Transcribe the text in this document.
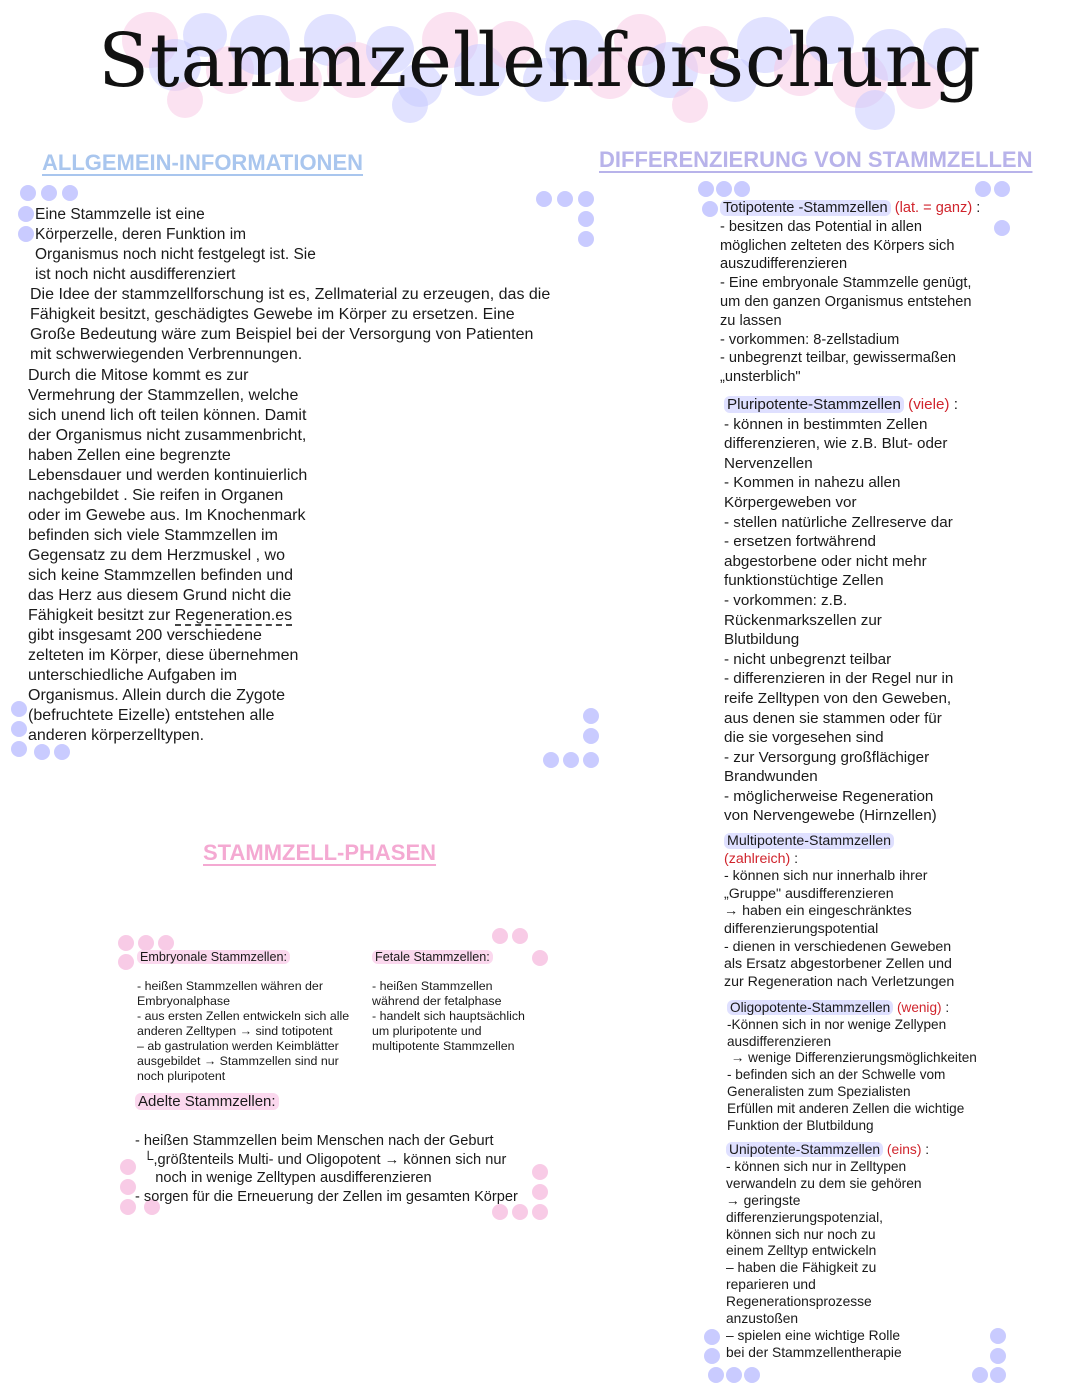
Stammzellenforschung
ALLGEMEIN-INFORMATIONEN
Eine Stammzelle ist eine
Körperzelle, deren Funktion im
Organismus noch nicht festgelegt ist. Sie
ist noch nicht ausdifferenziert
Die Idee der stammzellforschung ist es, Zellmaterial zu erzeugen, das die
Fähigkeit besitzt, geschädigtes Gewebe im Körper zu ersetzen. Eine
Große Bedeutung wäre zum Beispiel bei der Versorgung von Patienten
mit schwerwiegenden Verbrennungen.
Durch die Mitose kommt es zur
Vermehrung der Stammzellen, welche
sich unend lich oft teilen können. Damit
der Organismus nicht zusammenbricht,
haben Zellen eine begrenzte
Lebensdauer und werden kontinuierlich
nachgebildet . Sie reifen in Organen
oder im Gewebe aus. Im Knochenmark
befinden sich viele Stammzellen im
Gegensatz zu dem Herzmuskel , wo
sich keine Stammzellen befinden und
das Herz aus diesem Grund nicht die
Fähigkeit besitzt zur Regeneration.es
gibt insgesamt 200 verschiedene
zelteten im Körper, diese übernehmen
unterschiedliche Aufgaben im
Organismus. Allein durch die Zygote
(befruchtete Eizelle) entstehen alle
anderen körperzelltypen.
STAMMZELL-PHASEN
Embryonale Stammzellen:
- heißen Stammzellen währen der
Embryonalphase
- aus ersten Zellen entwickeln sich alle
anderen Zelltypen → sind totipotent
– ab gastrulation werden Keimblätter
ausgebildet → Stammzellen sind nur
noch pluripotent
Fetale Stammzellen:
- heißen Stammzellen
während der fetalphase
- handelt sich hauptsächlich
um pluripotente und
multipotente Stammzellen
Adelte Stammzellen:
- heißen Stammzellen beim Menschen nach der Geburt
└,größtenteils Multi- und Oligopotent → können sich nur
noch in wenige Zelltypen ausdifferenzieren
- sorgen für die Erneuerung der Zellen im gesamten Körper
DIFFERENZIERUNG VON STAMMZELLEN
Totipotente -Stammzellen (lat. = ganz) :
- besitzen das Potential in allen
möglichen zelteten des Körpers sich
auszudifferenzieren
- Eine embryonale Stammzelle genügt,
um den ganzen Organismus entstehen
zu lassen
- vorkommen: 8-zellstadium
- unbegrenzt teilbar, gewissermaßen
„unsterblich"
Pluripotente-Stammzellen (viele) :
- können in bestimmten Zellen
differenzieren, wie z.B. Blut- oder
Nervenzellen
- Kommen in nahezu allen
Körpergeweben vor
- stellen natürliche Zellreserve dar
- ersetzen fortwährend
abgestorbene oder nicht mehr
funktionstüchtige Zellen
- vorkommen: z.B.
Rückenmarkszellen zur
Blutbildung
- nicht unbegrenzt teilbar
- differenzieren in der Regel nur in
reife Zelltypen von den Geweben,
aus denen sie stammen oder für
die sie vorgesehen sind
- zur Versorgung großflächiger
Brandwunden
- möglicherweise Regeneration
von Nervengewebe (Hirnzellen)
Multipotente-Stammzellen
(zahlreich) :
- können sich nur innerhalb ihrer
„Gruppe" ausdifferenzieren
→ haben ein eingeschränktes
differenzierungspotential
- dienen in verschiedenen Geweben
als Ersatz abgestorbener Zellen und
zur Regeneration nach Verletzungen
Oligopotente-Stammzellen (wenig) :
-Können sich in nor wenige Zellypen
ausdifferenzieren
→ wenige Differenzierungsmöglichkeiten
- befinden sich an der Schwelle vom
Generalisten zum Spezialisten
Erfüllen mit anderen Zellen die wichtige
Funktion der Blutbildung
Unipotente-Stammzellen (eins) :
- können sich nur in Zelltypen
verwandeln zu dem sie gehören
→ geringste
differenzierungspotenzial,
können sich nur noch zu
einem Zelltyp entwickeln
– haben die Fähigkeit zu
reparieren und
Regenerationsprozesse
anzustoßen
– spielen eine wichtige Rolle
bei der Stammzellentherapie
